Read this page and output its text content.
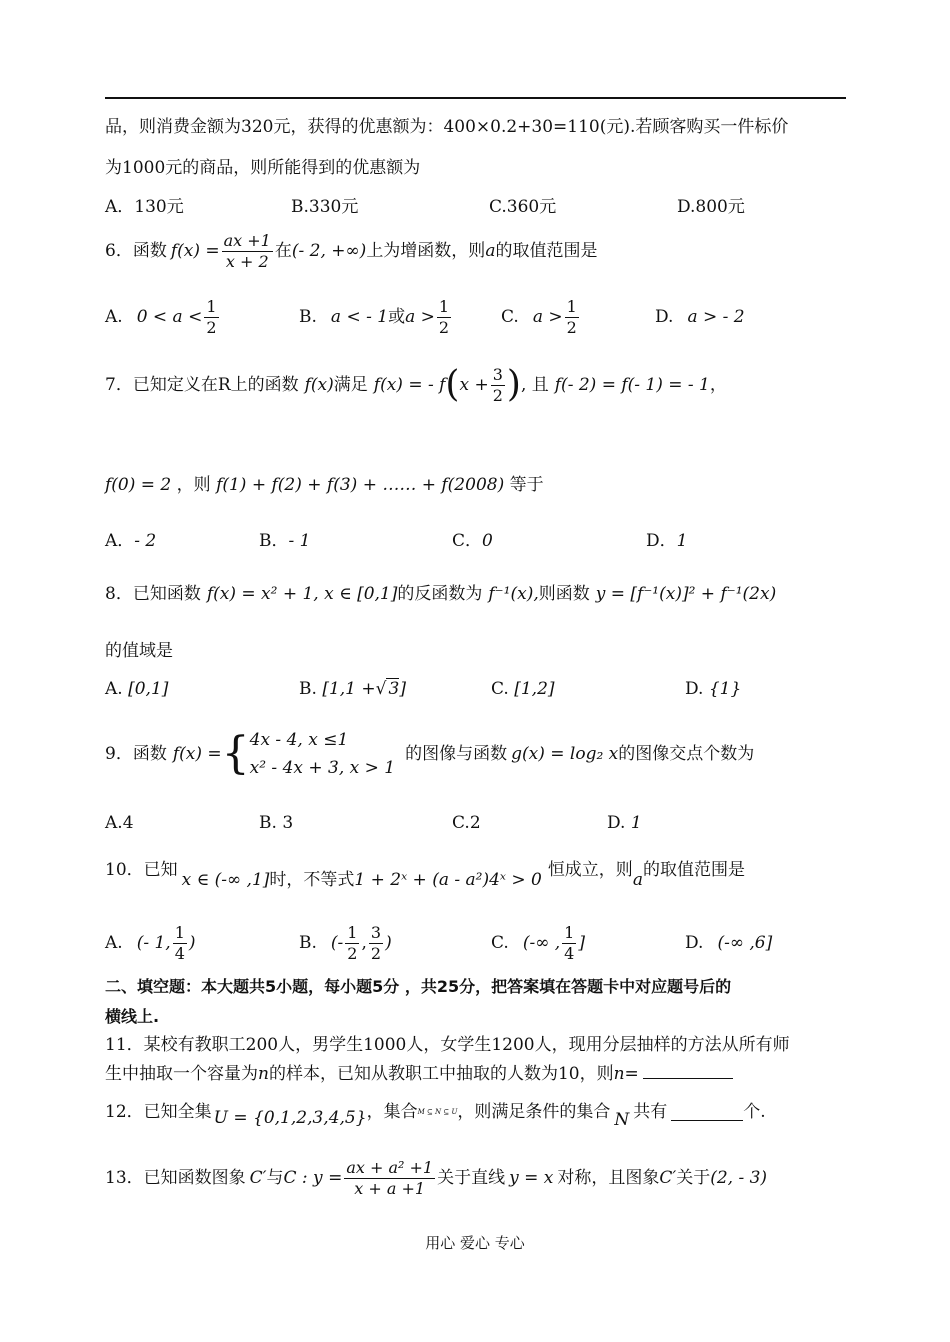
品，则消费金额为320元，获得的优惠额为：400×0.2+30=110(元).若顾客购买一件标价
为1000元的商品，则所能得到的优惠额为
A．130元	B.330元	C.360元	D.800元
6．函数 $f(x) = \frac{ax +1}{x + 2}$ 在 (- 2, +∞) 上为增函数，则 a 的取值范围是
A. $0 < a < \frac{1}{2}$	B. a < - 1 或 $a > \frac{1}{2}$	C. $a > \frac{1}{2}$	D. a > - 2
7．已知定义在R上的函数 f(x) 满足 f(x) = - f ( $x + \frac{3}{2}$ ) , 且 f(- 2) = f(- 1) = - 1 ，
f(0) = 2 ，则 f(1) + f(2) + f(3) + …… + f(2008) 等于
A．- 2	B．- 1	C．0	D．1
8．已知函数 f(x) = x² + 1, x ∈ [0,1] 的反函数为 f⁻¹(x), 则函数 y = [f⁻¹(x)]² + f⁻¹(2x)
的值域是
A. [0,1]	B. [1,1 +√ 3]	C. [1,2]	D. {1}
9．函数 f(x) = { 4x - 4, x ≤1
x² - 4x + 3, x > 1
的图像与函数 g(x) = log₂ x 的图像交点个数为
A.4	B. 3	C.2	D. 1
10．已知 x ∈ (-∞ ,1] 时，不等式 1 + 2ˣ + (a - a²)4ˣ > 0 恒成立，则 a 的取值范围是
A. (- 1, $\frac{1}{4}$ )	B. (- $\frac{1}{2}$ , $\frac{3}{2}$ )	C. (-∞ , $\frac{1}{4}$ ]	D. (-∞ ,6]
二、填空题：本大题共5小题，每小题5分 ，共25分，把答案填在答题卡中对应题号后的
横线上.
11．某校有教职工200人，男学生1000人，女学生1200人，现用分层抽样的方法从所有师
生中抽取一个容量为n的样本，已知从教职工中抽取的人数为10，则n=
12．已知全集 U = {0,1,2,3,4,5} ，集合 M ⊆ N ⊆ U ，则满足条件的集合 N 共有	个.
13．已知函数图象 C′ 与 C : $y = \frac{\text{ax + a² +1}}{x + a +1}$ 关于直线 y = x 对称，且图象 C′ 关于 (2, - 3)
用心 爱心 专心
